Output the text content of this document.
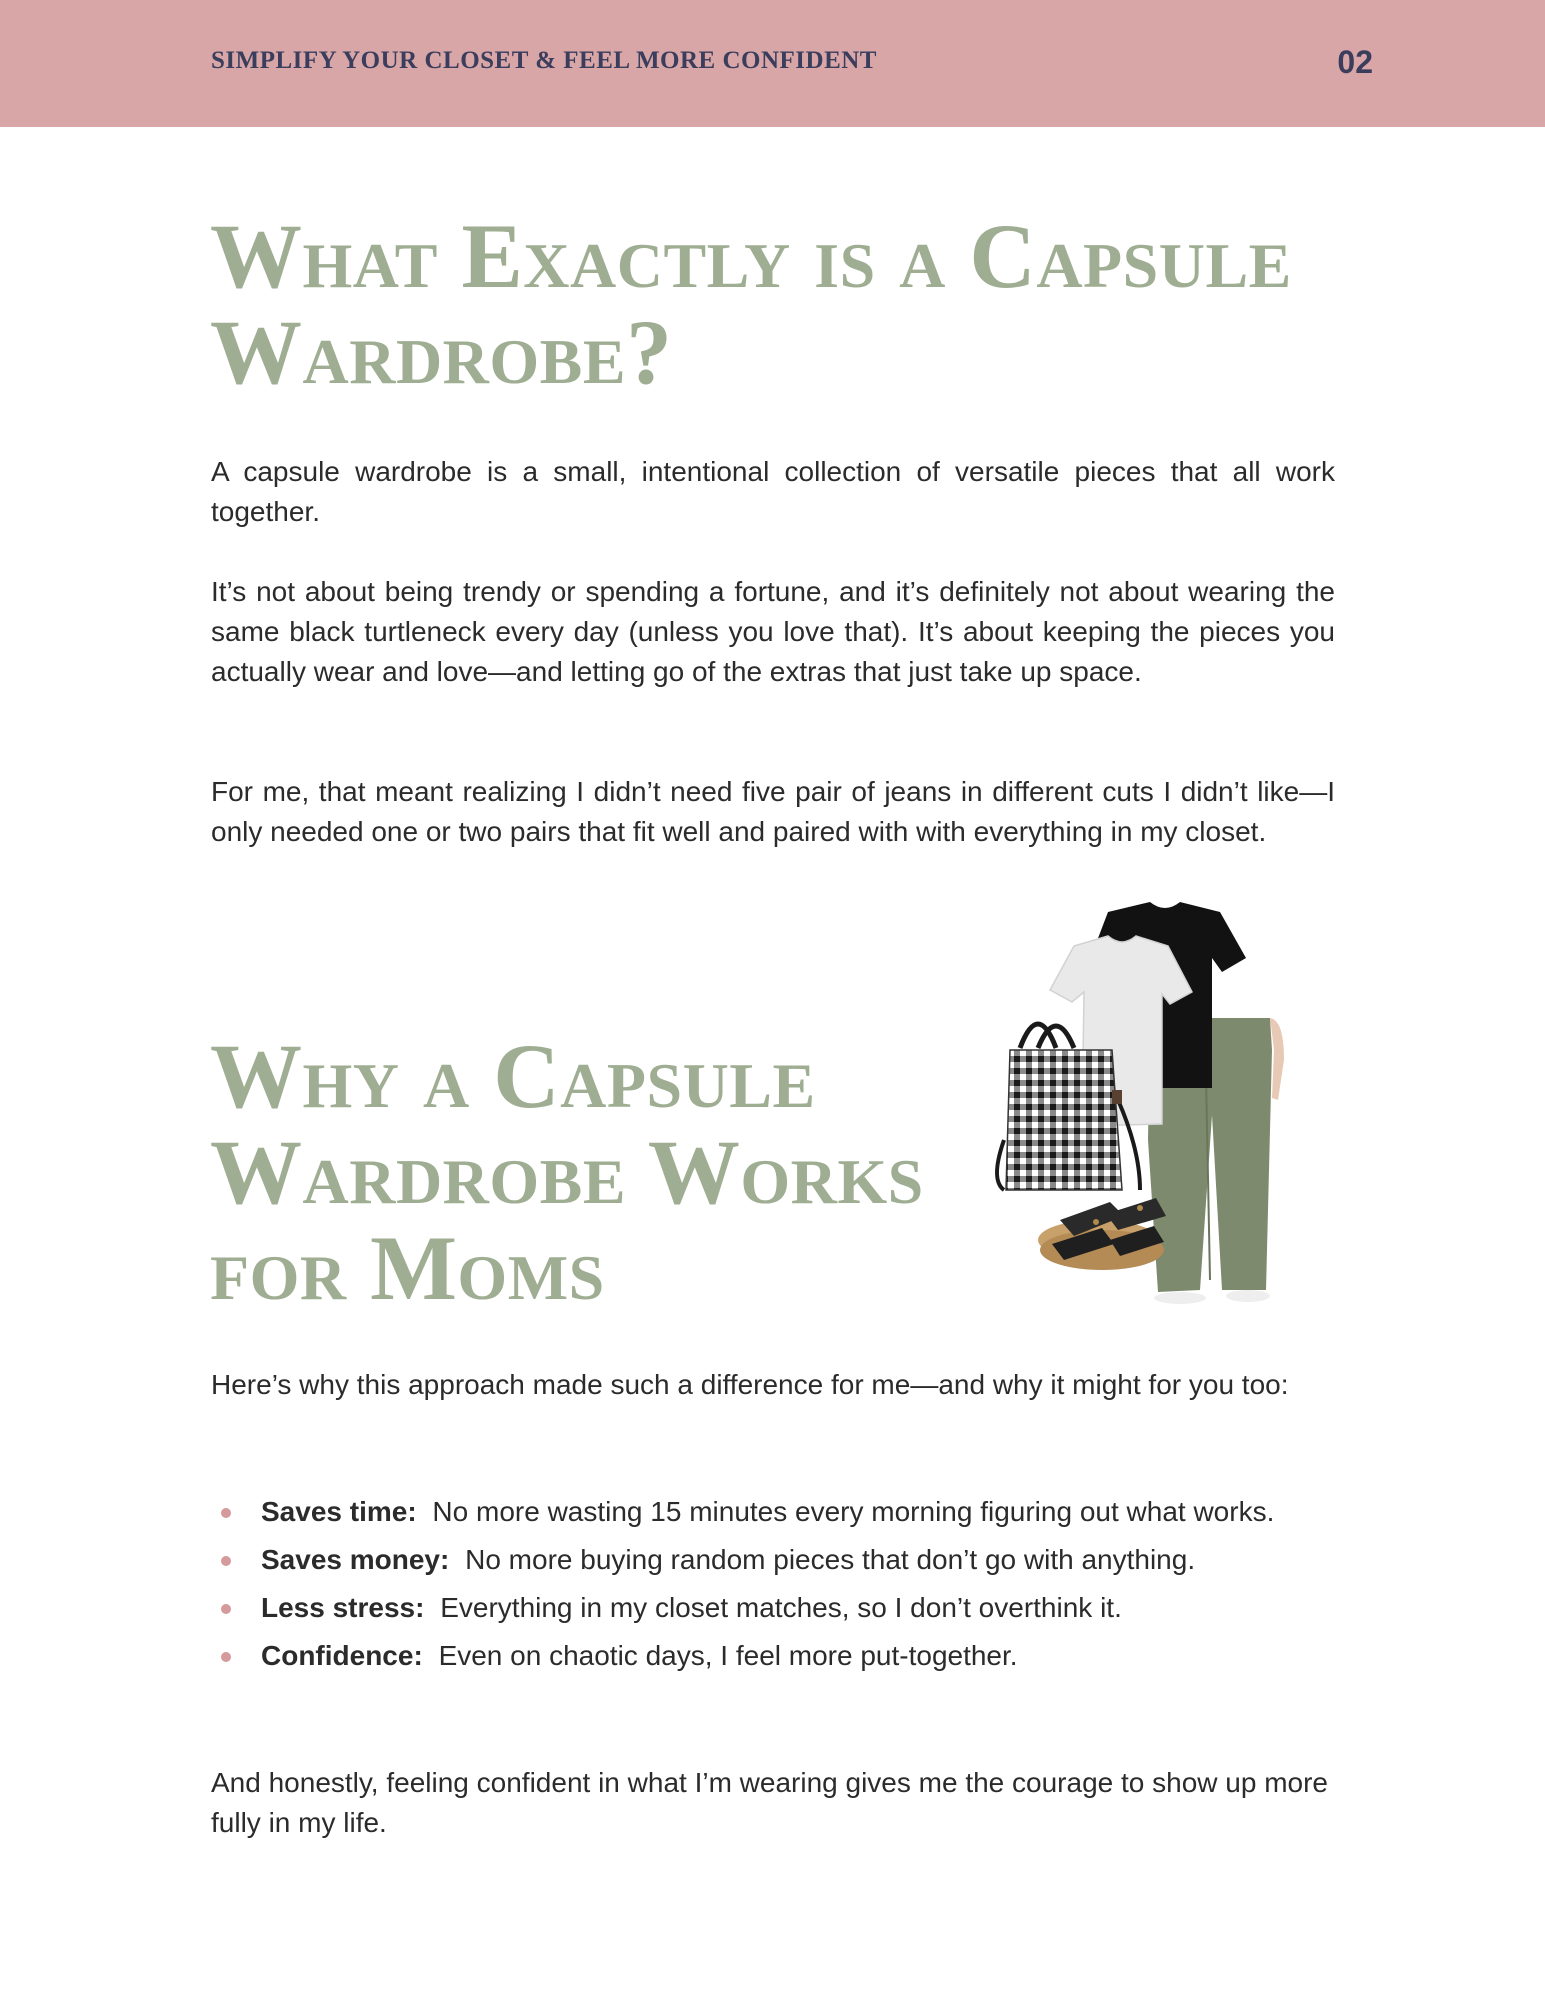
SIMPLIFY YOUR CLOSET & FEEL MORE CONFIDENT	02
What Exactly is a Capsule Wardrobe?

A capsule wardrobe is a small, intentional collection of versatile pieces that all work together.

It’s not about being trendy or spending a fortune, and it’s definitely not about wearing the same black turtleneck every day (unless you love that). It’s about keeping the pieces you actually wear and love—and letting go of the extras that just take up space.

For me, that meant realizing I didn’t need five pair of jeans in different cuts I didn’t like—I only needed one or two pairs that fit well and paired with with everything in my closet.

Why a Capsule Wardrobe Works for Moms

Here’s why this approach made such a difference for me—and why it might for you too:

Saves time: No more wasting 15 minutes every morning figuring out what works.
Saves money: No more buying random pieces that don’t go with anything.
Less stress: Everything in my closet matches, so I don’t overthink it.
Confidence: Even on chaotic days, I feel more put-together.

And honestly, feeling confident in what I’m wearing gives me the courage to show up more fully in my life.
